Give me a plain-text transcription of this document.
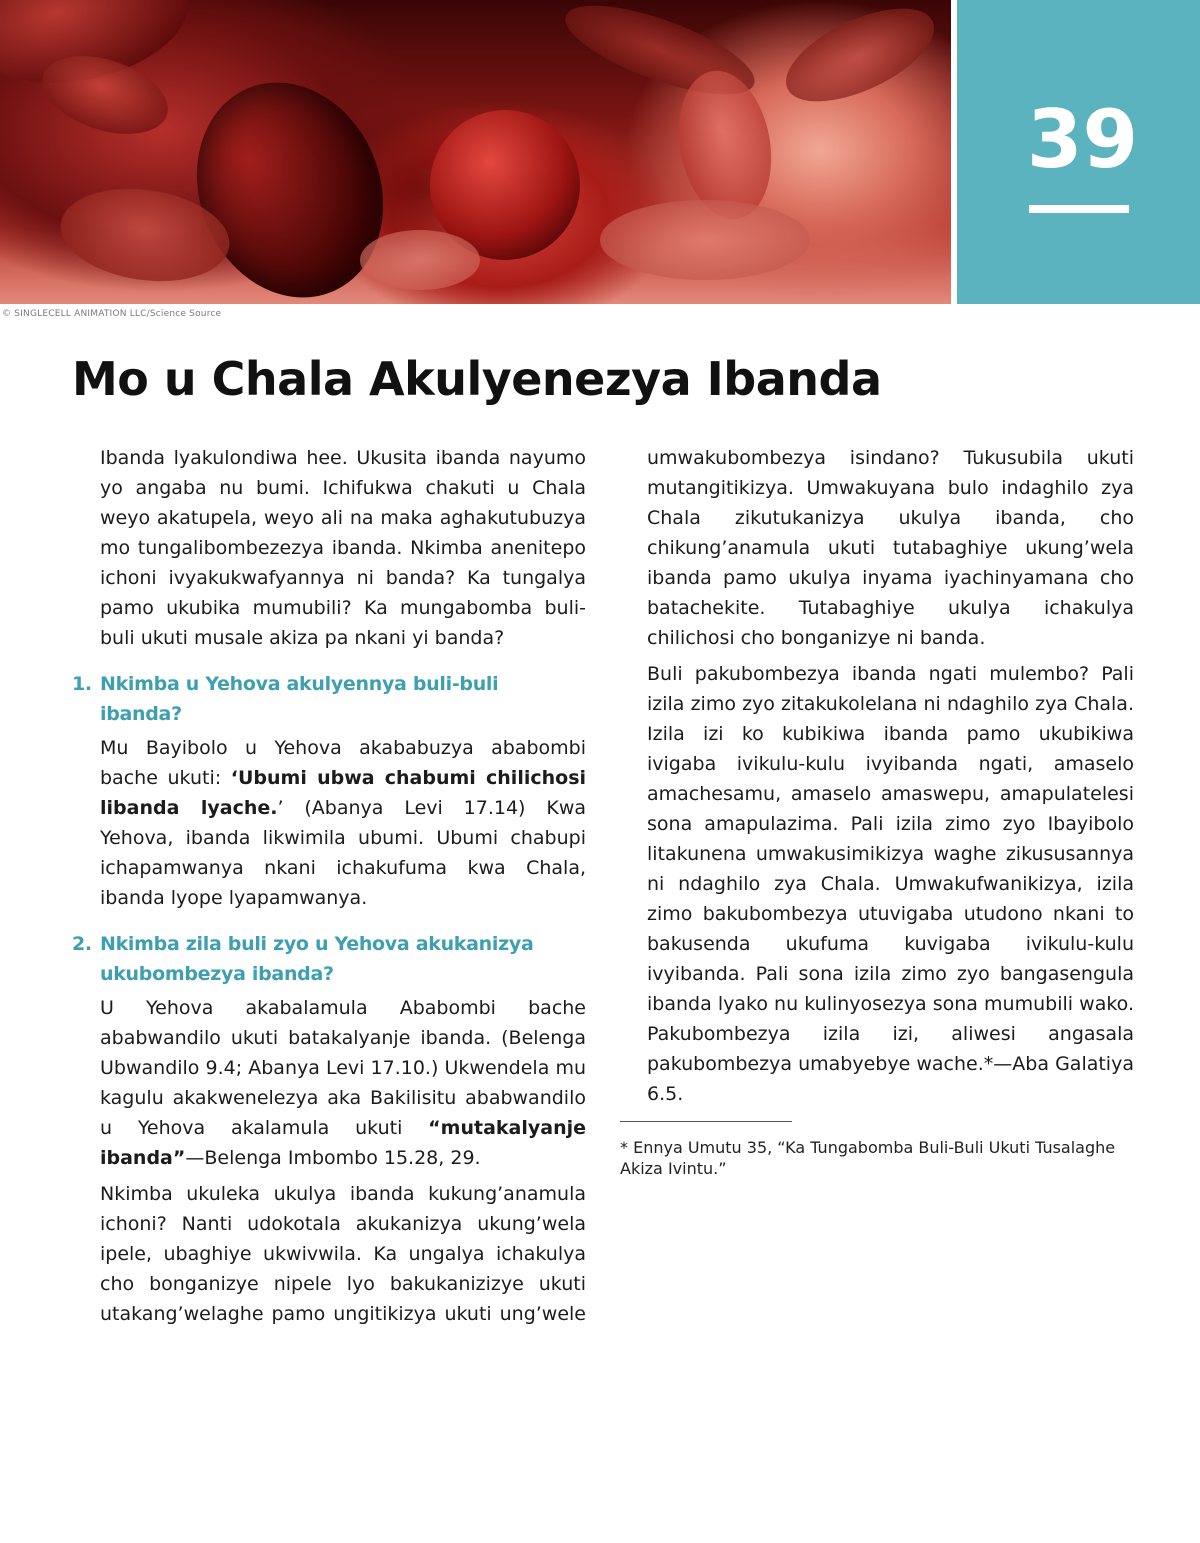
© SINGLECELL ANIMATION LLC/Science Source
39
Mo u Chala Akulyenezya Ibanda

Ibanda lyakulondiwa hee. Ukusita ibanda nayumo yo angaba nu bumi. Ichifukwa chakuti u Chala weyo akatupela, weyo ali na maka aghakutubuzya mo tungalibombezezya ibanda. Nkimba anenitepo ichoni ivyakukwafyannya ni banda? Ka tungalya pamo ukubika mumubili? Ka mungabomba buli-buli ukuti musale akiza pa nkani yi banda?

1. Nkimba u Yehova akulyennya buli-buli ibanda?

Mu Bayibolo u Yehova akababuzya ababombi bache ukuti: ‘Ubumi ubwa chabumi chilichosi libanda lyache.’ (Abanya Levi 17.14) Kwa Yehova, ibanda likwimila ubumi. Ubumi chabupi ichapamwanya nkani ichakufuma kwa Chala, ibanda lyope lyapamwanya.

2. Nkimba zila buli zyo u Yehova akukanizya ukubombezya ibanda?

U Yehova akabalamula Ababombi bache ababwandilo ukuti batakalyanje ibanda. (Belenga Ubwandilo 9.4; Abanya Levi 17.10.) Ukwendela mu kagulu akakwenelezya aka Bakilisitu ababwandilo u Yehova akalamula ukuti “mutakalyanje ibanda”—Belenga Imbombo 15.28, 29.

Nkimba ukuleka ukulya ibanda kukung’anamula ichoni? Nanti udokotala akukanizya ukung’wela ipele, ubaghiye ukwivwila. Ka ungalya ichakulya cho bonganizye nipele lyo bakukanizizye ukuti utakang’welaghe pamo ungitikizya ukuti ung’wele

umwakubombezya isindano? Tukusubila ukuti mutangitikizya. Umwakuyana bulo indaghilo zya Chala zikutukanizya ukulya ibanda, cho chikung’anamula ukuti tutabaghiye ukung’wela ibanda pamo ukulya inyama iyachinyamana cho batachekite. Tutabaghiye ukulya ichakulya chilichosi cho bonganizye ni banda.

Buli pakubombezya ibanda ngati mulembo? Pali izila zimo zyo zitakukolelana ni ndaghilo zya Chala. Izila izi ko kubikiwa ibanda pamo ukubikiwa ivigaba ivikulu-kulu ivyibanda ngati, amaselo amachesamu, amaselo amaswepu, amapulatelesi sona amapulazima. Pali izila zimo zyo Ibayibolo litakunena umwakusimikizya waghe zikususannya ni ndaghilo zya Chala. Umwakufwanikizya, izila zimo bakubombezya utuvigaba utudono nkani to bakusenda ukufuma kuvigaba ivikulu-kulu ivyibanda. Pali sona izila zimo zyo bangasengula ibanda lyako nu kulinyosezya sona mumubili wako. Pakubombezya izila izi, aliwesi angasala pakubombezya umabyebye wache.*—Aba Galatiya 6.5.

* Ennya Umutu 35, “Ka Tungabomba Buli-Buli Ukuti Tusalaghe Akiza Ivintu.”
